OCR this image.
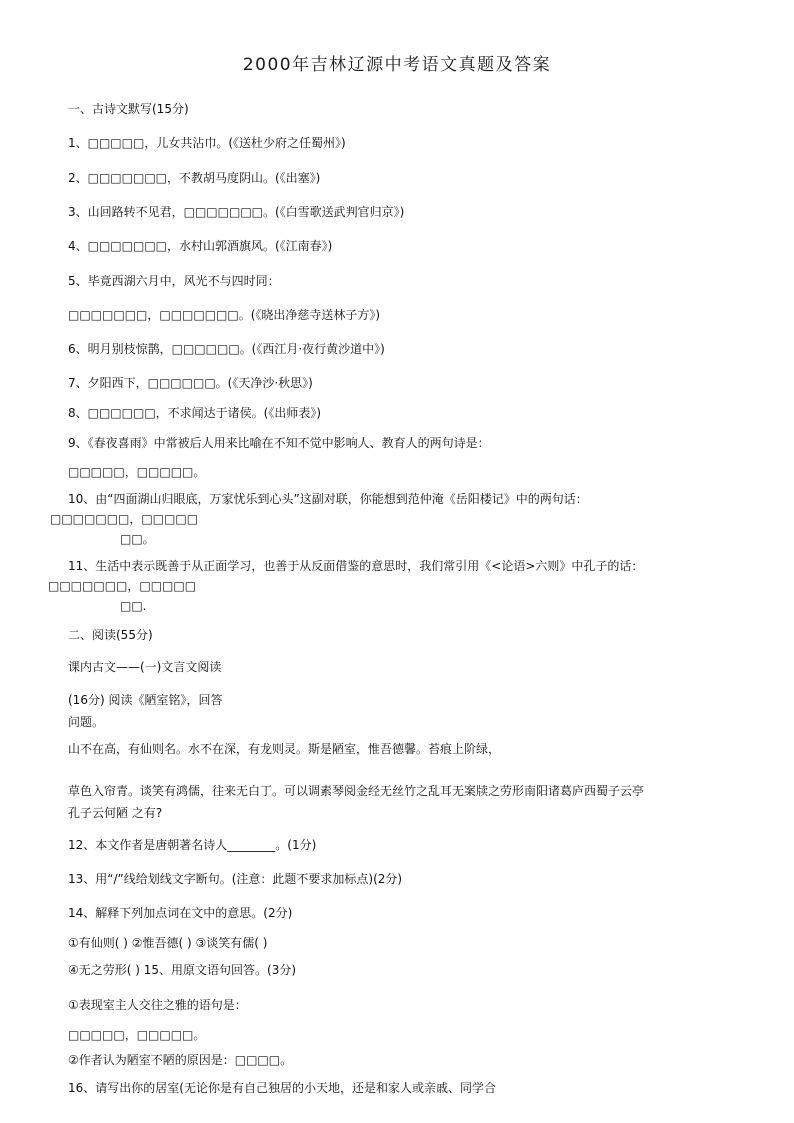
2000年吉林辽源中考语文真题及答案
一、古诗文默写(15分)
1、□□□□□，儿女共沾巾。(《送杜少府之任蜀州》)
2、□□□□□□□，不教胡马度阴山。(《出塞》)
3、山回路转不见君，□□□□□□□。(《白雪歌送武判官归京》)
4、□□□□□□□，水村山郭酒旗风。(《江南春》)
5、毕竟西湖六月中，风光不与四时同：
□□□□□□□，□□□□□□□。(《晓出净慈寺送林子方》)
6、明月别枝惊鹊，□□□□□□。(《西江月·夜行黄沙道中》)
7、夕阳西下，□□□□□□。(《天净沙·秋思》)
8、□□□□□□，不求闻达于诸侯。(《出师表》)
9、《春夜喜雨》中常被后人用来比喻在不知不觉中影响人、教育人的两句诗是：
□□□□□，□□□□□。
10、由“四面湖山归眼底，万家忧乐到心头”这副对联，你能想到范仲淹《岳阳楼记》中的两句话：
□□□□□□□，□□□□□
□□。
11、生活中表示既善于从正面学习，也善于从反面借鉴的意思时，我们常引用《<论语>六则》中孔子的话：
□□□□□□□，□□□□□
□□.
二、阅读(55分)
课内古文——(一)文言文阅读
(16分) 阅读《陋室铭》，回答
问题。
山不在高，有仙则名。水不在深，有龙则灵。斯是陋室，惟吾德馨。苔痕上阶绿，
草色入帘青。谈笑有鸿儒，往来无白丁。可以调素琴阅金经无丝竹之乱耳无案牍之劳形南阳诸葛庐西蜀子云亭
孔子云何陋 之有?
12、本文作者是唐朝著名诗人________。(1分)
13、用“/”线给划线文字断句。(注意：此题不要求加标点)(2分)
14、解释下列加点词在文中的意思。(2分)
①有仙则( ) ②惟吾德( ) ③谈笑有儒( )
④无之劳形( ) 15、用原文语句回答。(3分)
①表现室主人交往之雅的语句是：
□□□□□，□□□□□。
②作者认为陋室不陋的原因是：□□□□。
16、请写出你的居室(无论你是有自己独居的小天地，还是和家人或亲戚、同学合
